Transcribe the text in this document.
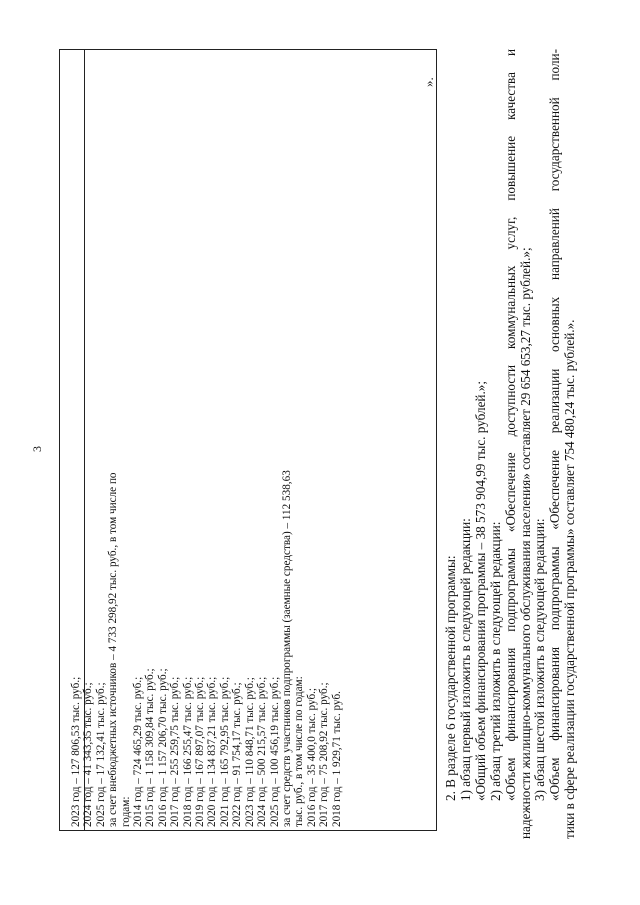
3
2023 год – 127 806,53 тыс. руб.; 2024 год – 41 343,35 тыс. руб.; 2025 год – 17 132,41 тыс. руб.; за счет внебюджетных источников – 4 733 298,92 тыс. руб., в том числе по годам: 2014 год – 724 465,29 тыс. руб.; 2015 год – 1 158 309,84 тыс. руб.; 2016 год – 1 157 206,70 тыс. руб.; 2017 год – 255 259,75 тыс. руб.; 2018 год – 166 255,47 тыс. руб.; 2019 год – 167 897,07 тыс. руб.; 2020 год – 134 837,21 тыс. руб.; 2021 год – 165 792,95 тыс. руб.; 2022 год – 91 754,17 тыс. руб.; 2023 год – 110 848,71 тыс. руб.; 2024 год – 500 215,57 тыс. руб.; 2025 год – 100 456,19 тыс. руб.; за счет средств участников подпрограммы (заемные средства) – 112 538,63 тыс. руб., в том числе по годам: 2016 год – 35 400,0 тыс. руб.; 2017 год – 75 208,92 тыс. руб.; 2018 год – 1 929,71 тыс. руб.
».
2. В разделе 6 государственной программы: 1) абзац первый изложить в следующей редакции: «Общий объем финансирования программы – 38 573 904,99 тыс. рублей.»; 2) абзац третий изложить в следующей редакции: «Объем финансирования подпрограммы «Обеспечение доступности коммунальных услуг, повышение качества и надежности жилищно-коммунального обслуживания населения» составляет 29 654 653,27 тыс. рублей.»; 3) абзац шестой изложить в следующей редакции: «Объем финансирования подпрограммы «Обеспечение реализации основных направлений государственной поли- тики в сфере реализации государственной программы» составляет 754 480,24 тыс. рублей.».
